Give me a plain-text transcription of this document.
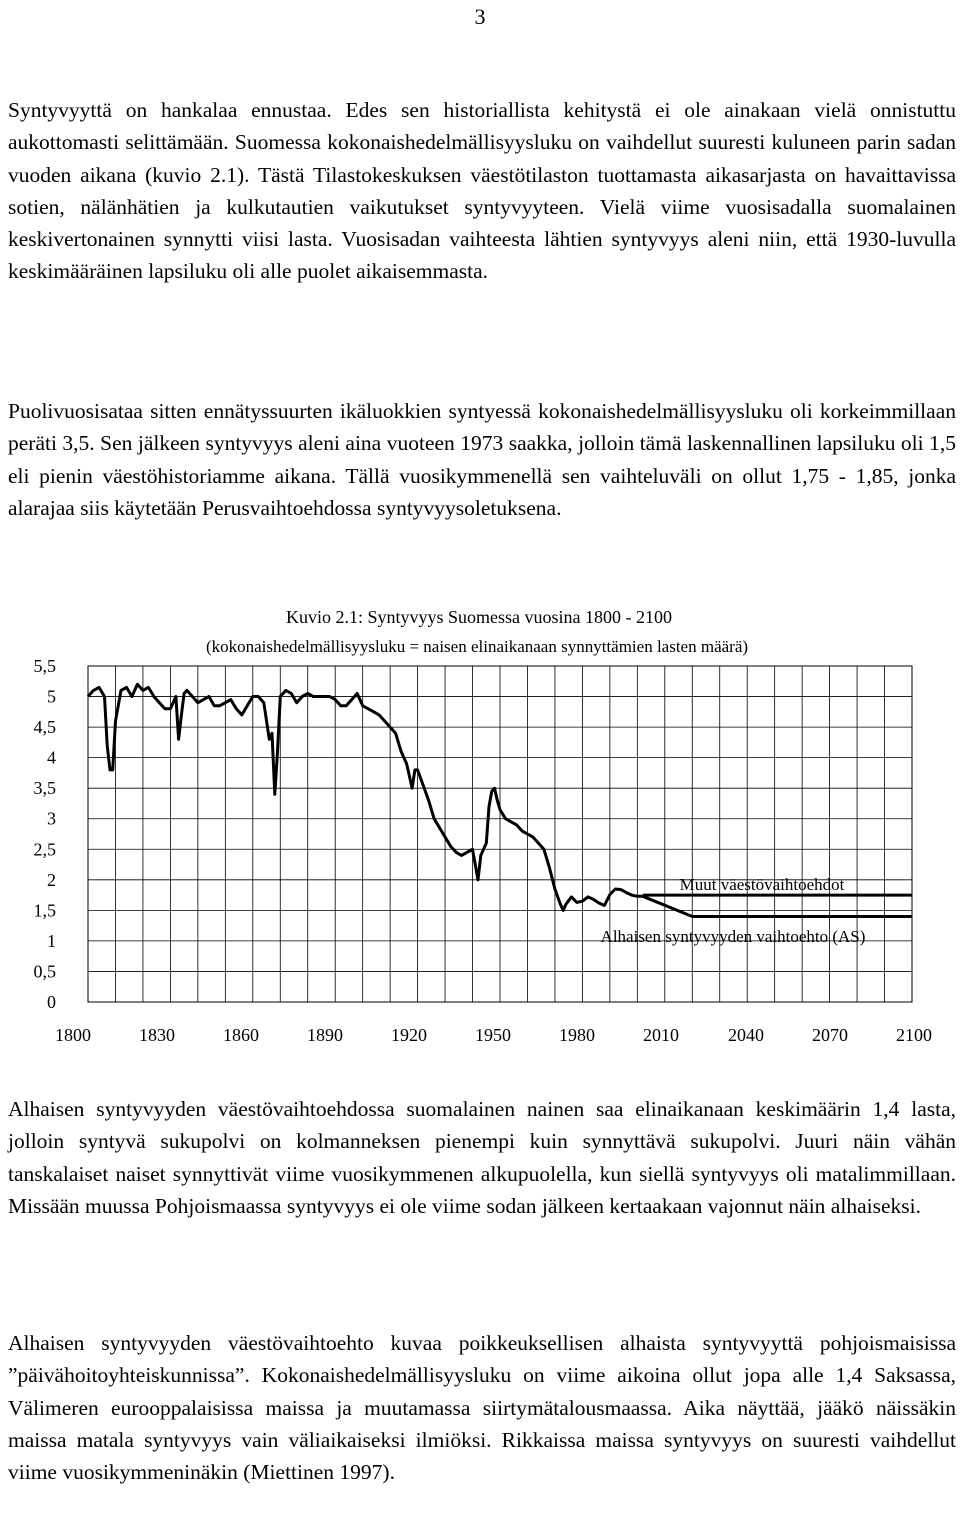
3

Syntyvyyttä on hankalaa ennustaa. Edes sen historiallista kehitystä ei ole ainakaan vielä onnistuttu aukottomasti selittämään. Suomessa kokonaishedelmällisyysluku on vaihdellut suuresti kuluneen parin sadan vuoden aikana (kuvio 2.1). Tästä Tilastokeskuksen väestötilaston tuottamasta aikasarjasta on havaittavissa sotien, nälänhätien ja kulkutautien vaikutukset syntyvyyteen. Vielä viime vuosisadalla suomalainen keskivertonainen synnytti viisi lasta. Vuosisadan vaihteesta lähtien syntyvyys aleni niin, että 1930-luvulla keskimääräinen lapsiluku oli alle puolet aikaisemmasta.

Puolivuosisataa sitten ennätyssuurten ikäluokkien syntyessä kokonaishedelmällisyysluku oli korkeimmillaan peräti 3,5. Sen jälkeen syntyvyys aleni aina vuoteen 1973 saakka, jolloin tämä laskennallinen lapsiluku oli 1,5 eli pienin väestöhistoriamme aikana. Tällä vuosikymmenellä sen vaihteluväli on ollut 1,75 - 1,85, jonka alarajaa siis käytetään Perusvaihtoehdossa syntyvyysoletuksena.

Kuvio 2.1: Syntyvyys Suomessa vuosina 1800 - 2100
(kokonaishedelmällisyysluku = naisen elinaikanaan synnyttämien lasten määrä)
0
0,5
1
1,5
2
2,5
3
3,5
4
4,5
5
5,5
1800	1830	1860	1890	1920	1950	1980	2010	2040	2070	2100
Muut väestövaihtoehdot
Alhaisen syntyvyyden vaihtoehto (AS)

Alhaisen syntyvyyden väestövaihtoehdossa suomalainen nainen saa elinaikanaan keskimäärin 1,4 lasta, jolloin syntyvä sukupolvi on kolmanneksen pienempi kuin synnyttävä sukupolvi. Juuri näin vähän tanskalaiset naiset synnyttivät viime vuosikymmenen alkupuolella, kun siellä syntyvyys oli matalimmillaan. Missään muussa Pohjoismaassa syntyvyys ei ole viime sodan jälkeen kertaakaan vajonnut näin alhaiseksi.

Alhaisen syntyvyyden väestövaihtoehto kuvaa poikkeuksellisen alhaista syntyvyyttä pohjoismaisissa ”päivähoitoyhteiskunnissa”. Kokonaishedelmällisyysluku on viime aikoina ollut jopa alle 1,4 Saksassa, Välimeren eurooppalaisissa maissa ja muutamassa siirtymätalousmaassa. Aika näyttää, jääkö näissäkin maissa matala syntyvyys vain väliaikaiseksi ilmiöksi. Rikkaissa maissa syntyvyys on suuresti vaihdellut viime vuosikymmeninäkin (Miettinen 1997).
